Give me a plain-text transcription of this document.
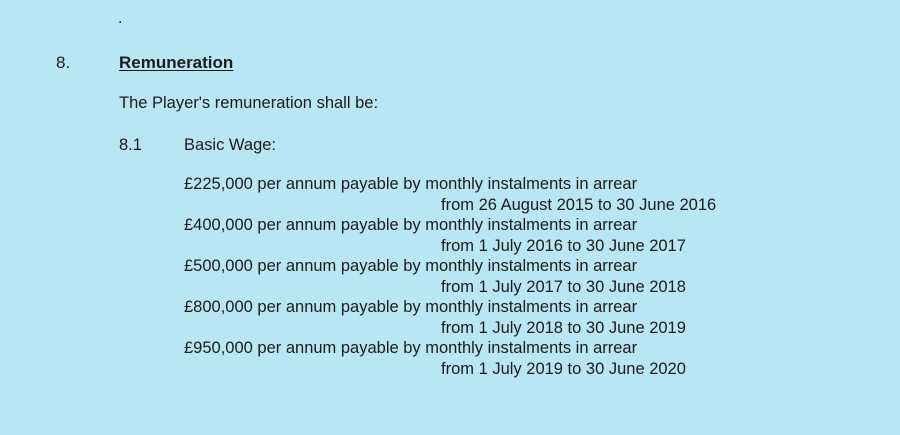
.
8.	Remuneration
The Player's remuneration shall be:
8.1	Basic Wage:
£225,000 per annum payable by monthly instalments in arrear
from 26 August 2015 to 30 June 2016
£400,000 per annum payable by monthly instalments in arrear
from 1 July 2016 to 30 June 2017
£500,000 per annum payable by monthly instalments in arrear
from 1 July 2017 to 30 June 2018
£800,000 per annum payable by monthly instalments in arrear
from 1 July 2018 to 30 June 2019
£950,000 per annum payable by monthly instalments in arrear
from 1 July 2019 to 30 June 2020
